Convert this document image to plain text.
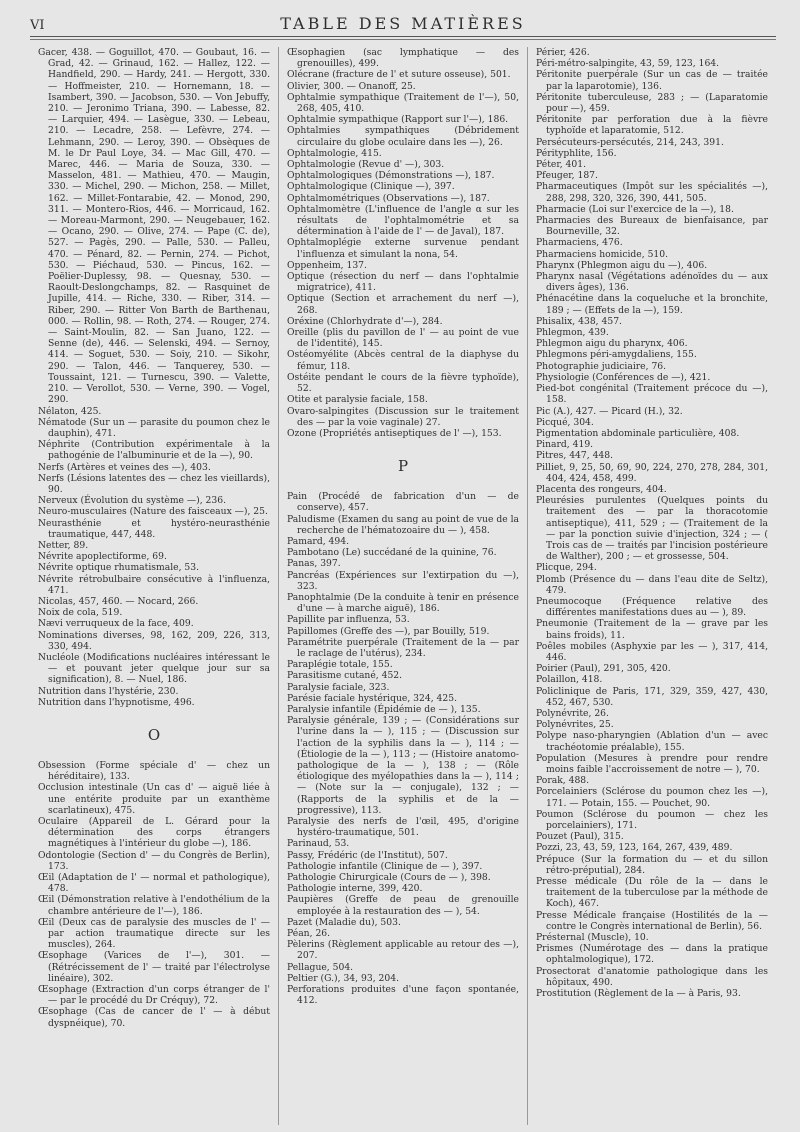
VI	TABLE DES MATIÈRES

Gacer, 438. — Goguillot, 470. — Goubaut, 16. — Grad, 42. — Grinaud, 162. — Hallez, 122. — Handfield, 290. — Hardy, 241. — Hergott, 330. — Hoffmeister, 210. — Hornemann, 18. — Isambert, 390. — Jacobson, 530. — Von Jebuffy, 210. — Jeronimo Triana, 390. — Labesse, 82. — Larquier, 494. — Lasègue, 330. — Lebeau, 210. — Lecadre, 258. — Lefèvre, 274. — Lehmann, 290. — Leroy, 390. — Obsèques de M. le Dr Paul Loye, 34. — Mac Gill, 470. — Marec, 446. — Maria de Souza, 330. — Masselon, 481. — Mathieu, 470. — Maugin, 330. — Michel, 290. — Michon, 258. — Millet, 162. — Millet-Fontarabie, 42. — Monod, 290, 311. — Montero-Rios, 446. — Morricaud, 162. — Moreau-Marmont, 290. — Neugebauer, 162. — Ocano, 290. — Olive, 274. — Pape (C. de), 527. — Pagès, 290. — Palle, 530. — Palleu, 470. — Pénard, 82. — Pernin, 274. — Pichot, 530. — Piéchaud, 530. — Pincus, 162. — Poëlier-Duplessy, 98. — Quesnay, 530. — Raoult-Deslongchamps, 82. — Rasquinet de Jupille, 414. — Riche, 330. — Riber, 314. — Riber, 290. — Ritter Von Barth de Barthenau, 000. — Rollin, 98. — Roth, 274. — Rouger, 274. — Saint-Moulin, 82. — San Juano, 122. — Senne (de), 446. — Selenski, 494. — Sernoy, 414. — Soguet, 530. — Soiy, 210. — Sikohr, 290. — Talon, 446. — Tanquerey, 530. — Toussaint, 121. — Turnescu, 390. — Valette, 210. — Verollot, 530. — Verne, 390. — Vogel, 290.

Nélaton, 425.

Nématode (Sur un — parasite du poumon chez le dauphin), 471.

Néphrite (Contribution expérimentale à la pathogénie de l'albuminurie et de la —), 90.

Nerfs (Artères et veines des —), 403.

Nerfs (Lésions latentes des — chez les vieillards), 90.

Nerveux (Évolution du système —), 236.

Neuro-musculaires (Nature des faisceaux —), 25.

Neurasthénie et hystéro-neurasthénie traumatique, 447, 448.

Netter, 89.

Névrite apoplectiforme, 69.

Névrite optique rhumatismale, 53.

Névrite rétrobulbaire consécutive à l'influenza, 471.

Nicolas, 457, 460. — Nocard, 266.

Noix de cola, 519.

Nævi verruqueux de la face, 409.

Nominations diverses, 98, 162, 209, 226, 313, 330, 494.

Nucléole (Modifications nucléaires intéressant le — et pouvant jeter quelque jour sur sa signification), 8. — Nuel, 186.

Nutrition dans l'hystérie, 230.

Nutrition dans l'hypnotisme, 496.

O

Obsession (Forme spéciale d' — chez un héréditaire), 133.

Occlusion intestinale (Un cas d' — aiguë liée à une entérite produite par un exanthème scarlatineux), 475.

Oculaire (Appareil de L. Gérard pour la détermination des corps étrangers magnétiques à l'intérieur du globe —), 186.

Odontologie (Section d' — du Congrès de Berlin), 173.

Œil (Adaptation de l' — normal et pathologique), 478.

Œil (Démonstration relative à l'endothélium de la chambre antérieure de l'—), 186.

Œil (Deux cas de paralysie des muscles de l' — par action traumatique directe sur les muscles), 264.

Œsophage (Varices de l'—), 301. — (Rétrécissement de l' — traité par l'électrolyse linéaire), 302.

Œsophage (Extraction d'un corps étranger de l' — par le procédé du Dr Créquy), 72.

Œsophage (Cas de cancer de l' — à début dyspnéique), 70.

Œsophagien (sac lymphatique — des grenouilles), 499.

Olécrane (fracture de l' et suture osseuse), 501.

Olivier, 300. — Onanoff, 25.

Ophtalmie sympathique (Traitement de l'—), 50, 268, 405, 410.

Ophtalmie sympathique (Rapport sur l'—), 186.

Ophtalmies sympathiques (Débridement circulaire du globe oculaire dans les —), 26.

Ophtalmologie, 415.

Ophtalmologie (Revue d' —), 303.

Ophtalmologiques (Démonstrations —), 187.

Ophtalmologique (Clinique —), 397.

Ophtalmométriques (Observations —), 187.

Ophtalmomètre (L'influence de l'angle α sur les résultats de l'ophtalmométrie et sa détermination à l'aide de l' — de Javal), 187.

Ophtalmoplégie externe survenue pendant l'influenza et simulant la nona, 54.

Oppenheim, 137.

Optique (résection du nerf — dans l'ophtalmie migratrice), 411.

Optique (Section et arrachement du nerf —), 268.

Oréxine (Chlorhydrate d'—), 284.

Oreille (plis du pavillon de l' — au point de vue de l'identité), 145.

Ostéomyélite (Abcès central de la diaphyse du fémur, 118.

Ostéite pendant le cours de la fièvre typhoïde), 52.

Otite et paralysie faciale, 158.

Ovaro-salpingites (Discussion sur le traitement des — par la voie vaginale) 27.

Ozone (Propriétés antiseptiques de l' —), 153.

P

Pain (Procédé de fabrication d'un — de conserve), 457.

Paludisme (Examen du sang au point de vue de la recherche de l'hématozoaire du — ), 458.

Pamard, 494.

Pambotano (Le) succédané de la quinine, 76.

Panas, 397.

Pancréas (Expériences sur l'extirpation du —), 323.

Panophtalmie (De la conduite à tenir en présence d'une — à marche aiguë), 186.

Papillite par influenza, 53.

Papillomes (Greffe des —), par Bouilly, 519.

Paramétrite puerpérale (Traitement de la — par le raclage de l'utérus), 234.

Paraplégie totale, 155.

Parasitisme cutané, 452.

Paralysie faciale, 323.

Parésie faciale hystérique, 324, 425.

Paralysie infantile (Épidémie de — ), 135.

Paralysie générale, 139 ; — (Considérations sur l'urine dans la — ), 115 ; — (Discussion sur l'action de la syphilis dans la — ), 114 ; — (Étiologie de la — ), 113 ; — (Histoire anatomo-pathologique de la — ), 138 ; — (Rôle étiologique des myélopathies dans la — ), 114 ; — (Note sur la — conjugale), 132 ; — (Rapports de la syphilis et de la — progressive), 113.

Paralysie des nerfs de l'œil, 495, d'origine hystéro-traumatique, 501.

Parinaud, 53.

Passy, Frédéric (de l'Institut), 507.

Pathologie infantile (Clinique de — ), 397.

Pathologie Chirurgicale (Cours de — ), 398.

Pathologie interne, 399, 420.

Paupières (Greffe de peau de grenouille employée à la restauration des — ), 54.

Pazet (Maladie du), 503.

Péan, 26.

Pèlerins (Règlement applicable au retour des —), 207.

Pellague, 504.

Peltier (G.), 34, 93, 204.

Perforations produites d'une façon spontanée, 412.

Périer, 426.

Péri-métro-salpingite, 43, 59, 123, 164.

Péritonite puerpérale (Sur un cas de — traitée par la laparotomie), 136.

Péritonite tuberculeuse, 283 ; — (Laparatomie pour —), 459.

Péritonite par perforation due à la fièvre typhoïde et laparatomie, 512.

Persécuteurs-persécutés, 214, 243, 391.

Pérityphlite, 156.

Péter, 401.

Pfeuger, 187.

Pharmaceutiques (Impôt sur les spécialités —), 288, 298, 320, 326, 390, 441, 505.

Pharmacie (Loi sur l'exercice de la —), 18.

Pharmacies des Bureaux de bienfaisance, par Bourneville, 32.

Pharmaciens, 476.

Pharmaciens homicide, 510.

Pharynx (Phlegmon aigu du —), 406.

Pharynx nasal (Végétations adénoïdes du — aux divers âges), 136.

Phénacétine dans la coqueluche et la bronchite, 189 ; — (Effets de la —), 159.

Phisalix, 438, 457.

Phlegmon, 439.

Phlegmon aigu du pharynx, 406.

Phlegmons péri-amygdaliens, 155.

Photographie judiciaire, 76.

Physiologie (Conférences de —), 421.

Pied-bot congénital (Traitement précoce du —), 158.

Pic (A.), 427. — Picard (H.), 32.

Picqué, 304.

Pigmentation abdominale particulière, 408.

Pinard, 419.

Pitres, 447, 448.

Pilliet, 9, 25, 50, 69, 90, 224, 270, 278, 284, 301, 404, 424, 458, 499.

Placenta des rongeurs, 404.

Pleurésies purulentes (Quelques points du traitement des — par la thoracotomie antiseptique), 411, 529 ; — (Traitement de la — par la ponction suivie d'injection, 324 ; — ( Trois cas de — traités par l'incision postérieure de Walther), 200 ; — et grossesse, 504.

Plicque, 294.

Plomb (Présence du — dans l'eau dite de Seltz), 479.

Pneumocoque (Fréquence relative des différentes manifestations dues au — ), 89.

Pneumonie (Traitement de la — grave par les bains froids), 11.

Poêles mobiles (Asphyxie par les — ), 317, 414, 446.

Poirier (Paul), 291, 305, 420.

Polaillon, 418.

Policlinique de Paris, 171, 329, 359, 427, 430, 452, 467, 530.

Polynévrite, 26.

Polynévrites, 25.

Polype naso-pharyngien (Ablation d'un — avec trachéotomie préalable), 155.

Population (Mesures à prendre pour rendre moins faible l'accroissement de notre — ), 70.

Porak, 488.

Porcelainiers (Sclérose du poumon chez les —), 171. — Potain, 155. — Pouchet, 90.

Poumon (Sclérose du poumon — chez les porcelainiers), 171.

Pouzet (Paul), 315.

Pozzi, 23, 43, 59, 123, 164, 267, 439, 489.

Prépuce (Sur la formation du — et du sillon rétro-préputial), 284.

Presse médicale (Du rôle de la — dans le traitement de la tuberculose par la méthode de Koch), 467.

Presse Médicale française (Hostilités de la — contre le Congrès international de Berlin), 56.

Présternal (Muscle), 10.

Prismes (Numérotage des — dans la pratique ophtalmologique), 172.

Prosectorat d'anatomie pathologique dans les hôpitaux, 490.

Prostitution (Règlement de la — à Paris, 93.
